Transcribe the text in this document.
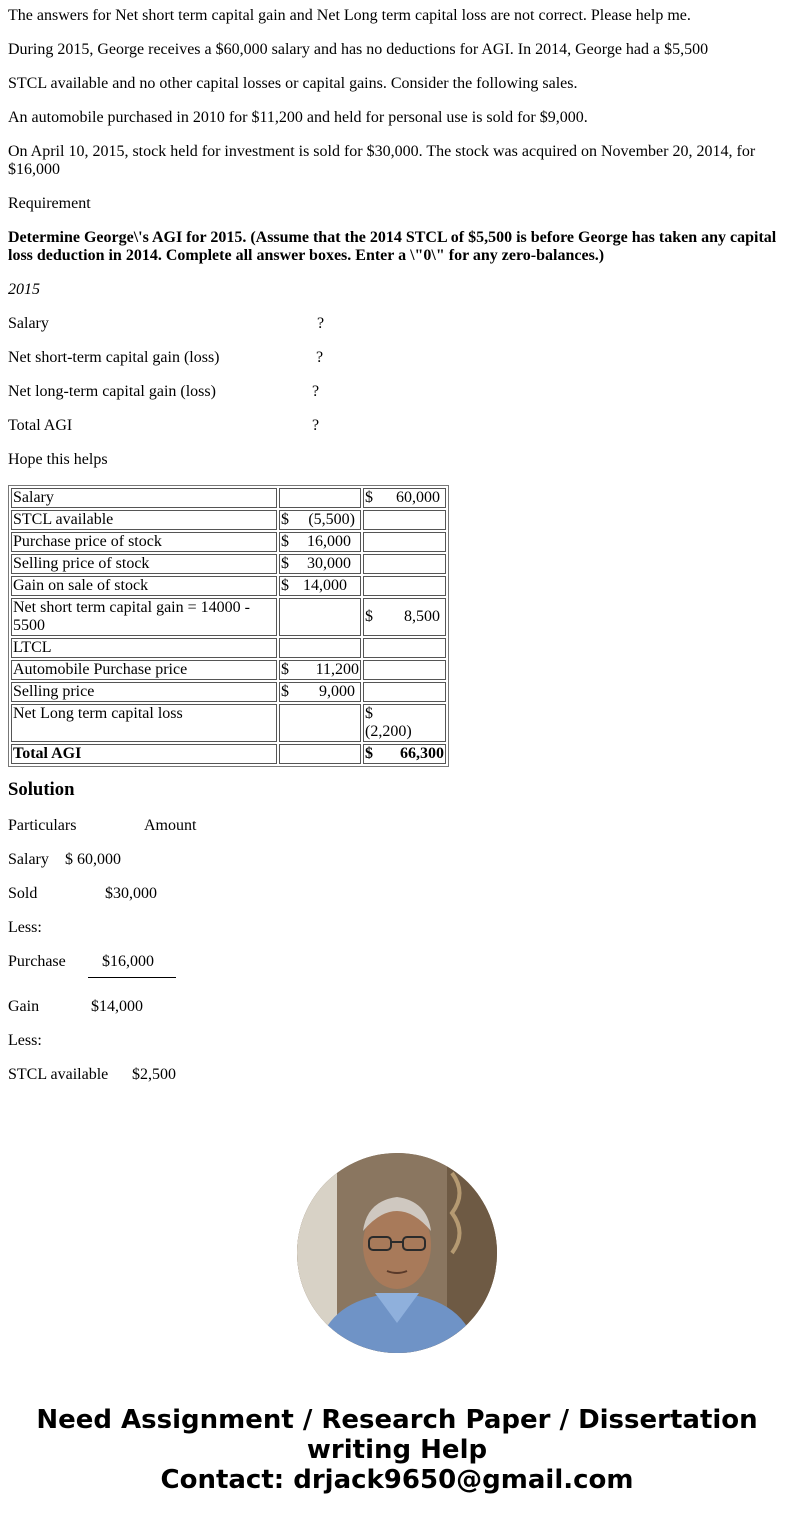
The answers for Net short term capital gain and Net Long term capital loss are not correct. Please help me.

During 2015, George receives a $60,000 salary and has no deductions for AGI. In 2014, George had a $5,500

STCL available and no other capital losses or capital gains. Consider the following sales.

An automobile purchased in 2010 for $11,200 and held for personal use is sold for $9,000.

On April 10, 2015, stock held for investment is sold for $30,000. The stock was acquired on November 20, 2014, for $16,000

Requirement

Determine George\'s AGI for 2015. (Assume that the 2014 STCL of $5,500 is before George has taken any capital loss deduction in 2014. Complete all answer boxes. Enter a \"0\" for any zero-balances.)

2015

Salary	?

Net short-term capital gain (loss)	?

Net long-term capital gain (loss)	?

Total AGI	?

Hope this helps

Salary		$ 60,000

STCL available	$ (5,500)	

Purchase price of stock	$ 16,000	

Selling price of stock	$ 30,000	

Gain on sale of stock	$ 14,000	

Net short term capital gain = 14000 - 5500		$ 8,500

LTCL		
Automobile Purchase price	$ 11,200	

Selling price	$ 9,000	

Net Long term capital loss		$
(2,200)

Total AGI		$ 66,300
Solution

Particulars	Amount

Salary	$ 60,000

Sold	$30,000

Less:

Purchase	$16,000

Gain	$14,000

Less:

STCL available	$2,500

Need Assignment / Research Paper / Dissertation
writing Help
Contact: drjack9650@gmail.com
